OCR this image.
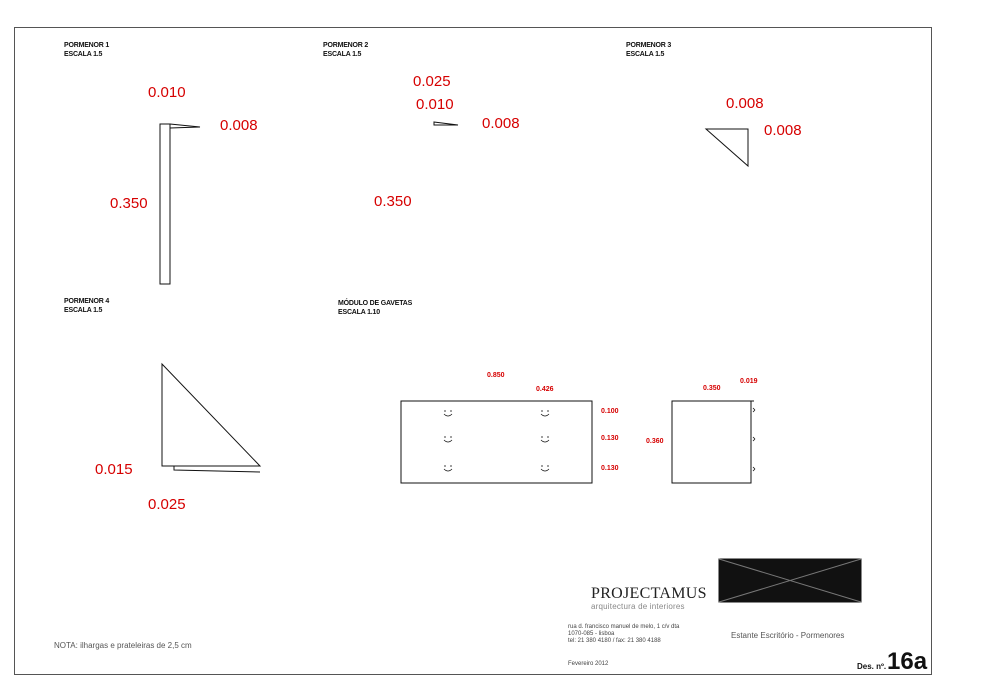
PORMENOR 1
ESCALA 1.5
PORMENOR 2
ESCALA 1.5
PORMENOR 3
ESCALA 1.5
PORMENOR 4
ESCALA 1.5
MÓDULO DE GAVETAS
ESCALA 1.10
0.010
0.008
0.350
0.025
0.010
0.008
0.350
0.008
0.008
0.015
0.025
0.850
0.426
0.100
0.130
0.130
0.360
0.350
0.019
PROJECTAMUS
arquitectura de interiores
rua d. francisco manuel de melo, 1 c/v dta
1070-085 - lisboa
tel: 21 380 4180 / fax: 21 380 4188
Fevereiro 2012
Estante Escritório - Pormenores
NOTA: ilhargas e prateleiras de 2,5 cm
Des. nº. 16a
